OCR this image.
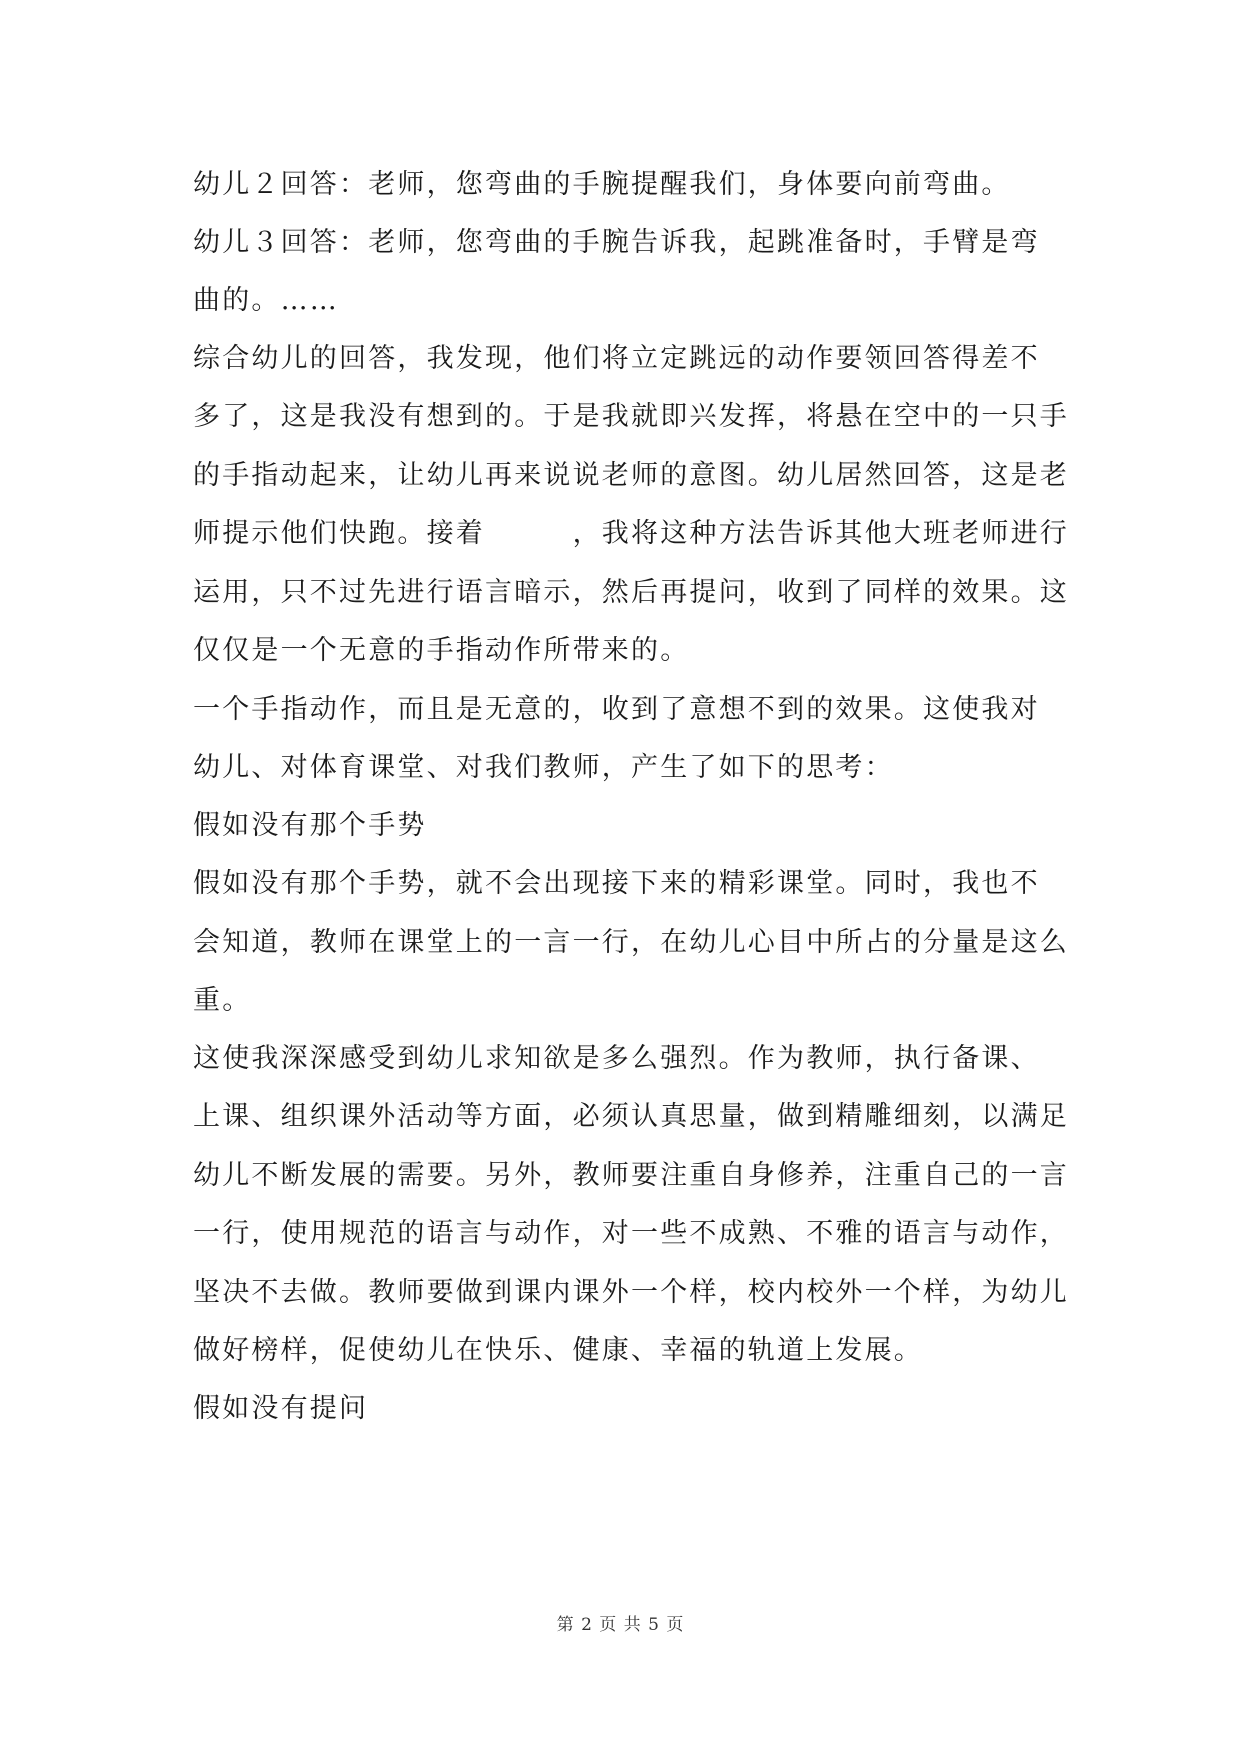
幼儿２回答：老师，您弯曲的手腕提醒我们，身体要向前弯曲。
幼儿３回答：老师，您弯曲的手腕告诉我，起跳准备时，手臂是弯
曲的。……
综合幼儿的回答，我发现，他们将立定跳远的动作要领回答得差不
多了，这是我没有想到的。于是我就即兴发挥，将悬在空中的一只手
的手指动起来，让幼儿再来说说老师的意图。幼儿居然回答，这是老
师提示他们快跑。接着　　　，我将这种方法告诉其他大班老师进行
运用，只不过先进行语言暗示，然后再提问，收到了同样的效果。这
仅仅是一个无意的手指动作所带来的。
一个手指动作，而且是无意的，收到了意想不到的效果。这使我对
幼儿、对体育课堂、对我们教师，产生了如下的思考：
假如没有那个手势
假如没有那个手势，就不会出现接下来的精彩课堂。同时，我也不
会知道，教师在课堂上的一言一行，在幼儿心目中所占的分量是这么
重。
这使我深深感受到幼儿求知欲是多么强烈。作为教师，执行备课、
上课、组织课外活动等方面，必须认真思量，做到精雕细刻，以满足
幼儿不断发展的需要。另外，教师要注重自身修养，注重自己的一言
一行，使用规范的语言与动作，对一些不成熟、不雅的语言与动作，
坚决不去做。教师要做到课内课外一个样，校内校外一个样，为幼儿
做好榜样，促使幼儿在快乐、健康、幸福的轨道上发展。
假如没有提问
第 2 页 共 5 页
